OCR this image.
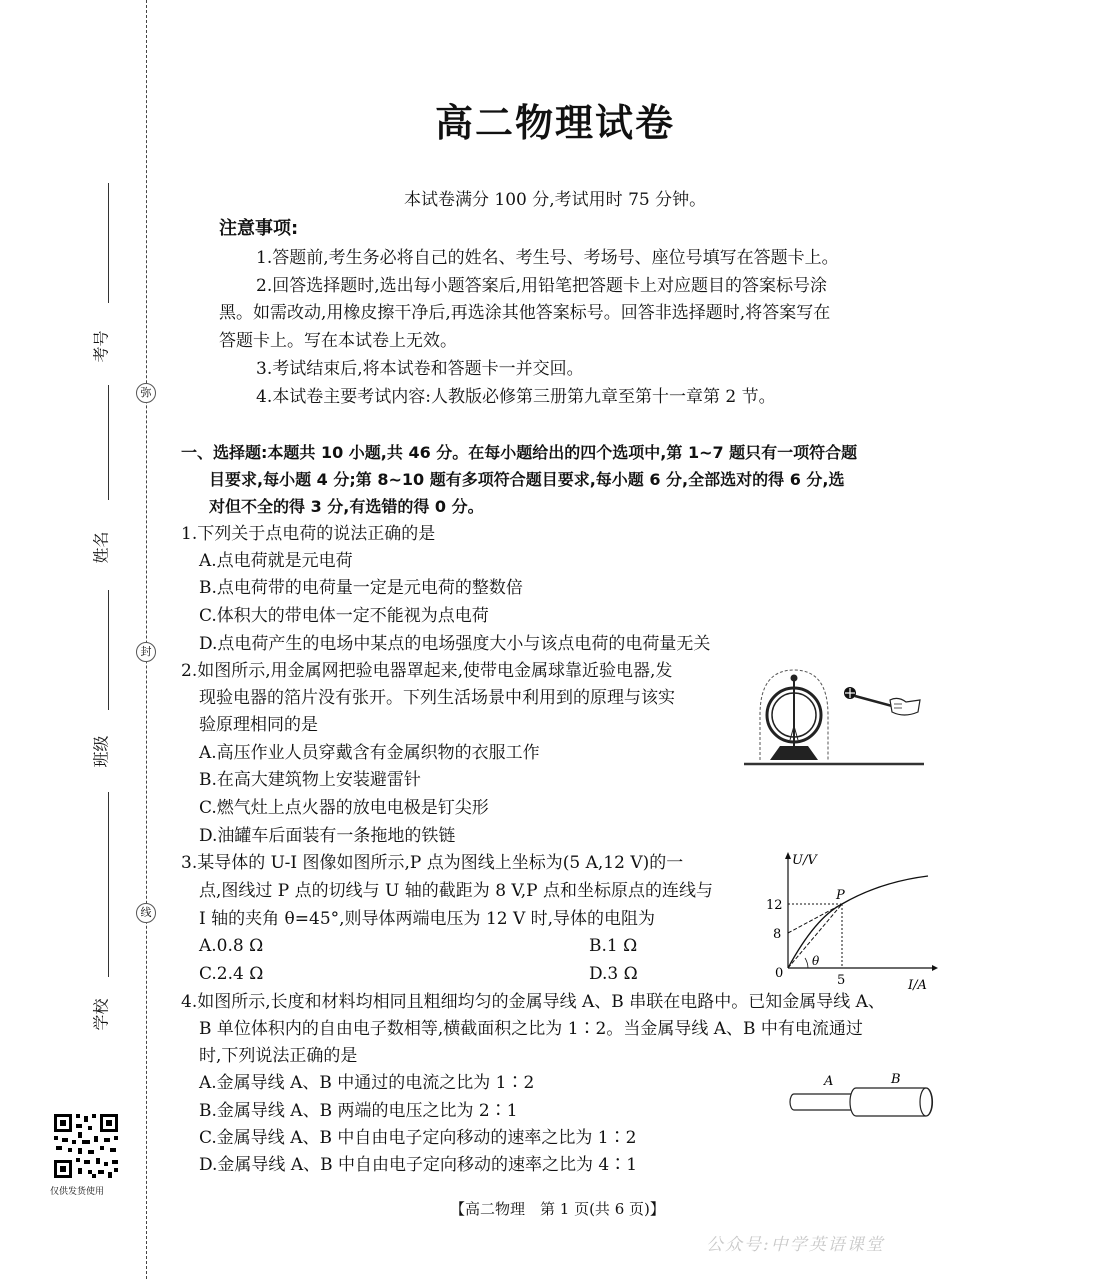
考号
姓名
班级
学校
弥
封
线
仅供发货使用
高二物理试卷
本试卷满分 100 分,考试用时 75 分钟。
注意事项:
1.答题前,考生务必将自己的姓名、考生号、考场号、座位号填写在答题卡上。
2.回答选择题时,选出每小题答案后,用铅笔把答题卡上对应题目的答案标号涂
黑。如需改动,用橡皮擦干净后,再选涂其他答案标号。回答非选择题时,将答案写在
答题卡上。写在本试卷上无效。
3.考试结束后,将本试卷和答题卡一并交回。
4.本试卷主要考试内容:人教版必修第三册第九章至第十一章第 2 节。
一、选择题:本题共 10 小题,共 46 分。在每小题给出的四个选项中,第 1~7 题只有一项符合题
目要求,每小题 4 分;第 8~10 题有多项符合题目要求,每小题 6 分,全部选对的得 6 分,选
对但不全的得 3 分,有选错的得 0 分。
1.下列关于点电荷的说法正确的是
A.点电荷就是元电荷
B.点电荷带的电荷量一定是元电荷的整数倍
C.体积大的带电体一定不能视为点电荷
D.点电荷产生的电场中某点的电场强度大小与该点电荷的电荷量无关
2.如图所示,用金属网把验电器罩起来,使带电金属球靠近验电器,发
现验电器的箔片没有张开。下列生活场景中利用到的原理与该实
验原理相同的是
A.高压作业人员穿戴含有金属织物的衣服工作
B.在高大建筑物上安装避雷针
C.燃气灶上点火器的放电电极是钉尖形
D.油罐车后面装有一条拖地的铁链
3.某导体的 U-I 图像如图所示,P 点为图线上坐标为(5 A,12 V)的一
点,图线过 P 点的切线与 U 轴的截距为 8 V,P 点和坐标原点的连线与
I 轴的夹角 θ=45°,则导体两端电压为 12 V 时,导体的电阻为
A.0.8 Ω	B.1 Ω
C.2.4 Ω	D.3 Ω
U/V
I/A
P
12
8
5
0
θ
4.如图所示,长度和材料均相同且粗细均匀的金属导线 A、B 串联在电路中。已知金属导线 A、
B 单位体积内的自由电子数相等,横截面积之比为 1∶2。当金属导线 A、B 中有电流通过
时,下列说法正确的是
A.金属导线 A、B 中通过的电流之比为 1∶2
B.金属导线 A、B 两端的电压之比为 2∶1
C.金属导线 A、B 中自由电子定向移动的速率之比为 1∶2
D.金属导线 A、B 中自由电子定向移动的速率之比为 4∶1
A	B
【高二物理　第 1 页(共 6 页)】
公众号:中学英语课堂
